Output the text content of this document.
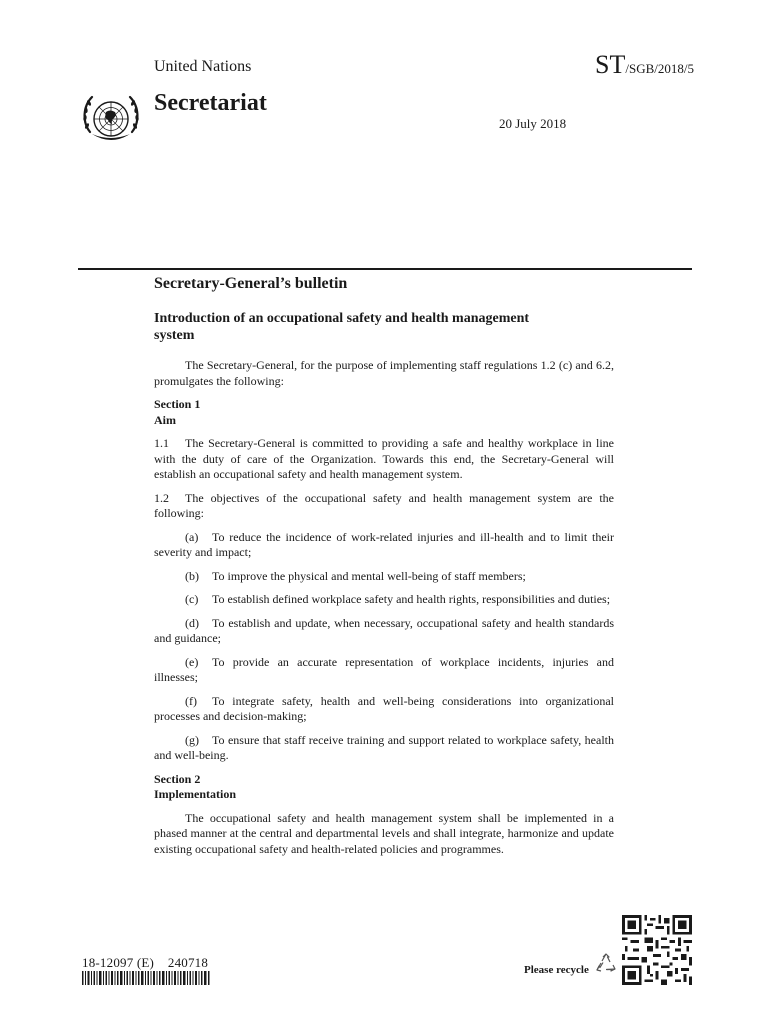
United Nations	ST/SGB/2018/5
Secretariat
20 July 2018
Secretary-General’s bulletin
Introduction of an occupational safety and health management system

The Secretary-General, for the purpose of implementing staff regulations 1.2 (c) and 6.2, promulgates the following:

Section 1
Aim

1.1 The Secretary-General is committed to providing a safe and healthy workplace in line with the duty of care of the Organization. Towards this end, the Secretary-General will establish an occupational safety and health management system.

1.2 The objectives of the occupational safety and health management system are the following:

(a) To reduce the incidence of work-related injuries and ill-health and to limit their severity and impact;

(b) To improve the physical and mental well-being of staff members;

(c) To establish defined workplace safety and health rights, responsibilities and duties;

(d) To establish and update, when necessary, occupational safety and health standards and guidance;

(e) To provide an accurate representation of workplace incidents, injuries and illnesses;

(f) To integrate safety, health and well-being considerations into organizational processes and decision-making;

(g) To ensure that staff receive training and support related to workplace safety, health and well-being.

Section 2
Implementation

The occupational safety and health management system shall be implemented in a phased manner at the central and departmental levels and shall integrate, harmonize and update existing occupational safety and health-related policies and programmes.

18-12097 (E)    240718	Please recycle
